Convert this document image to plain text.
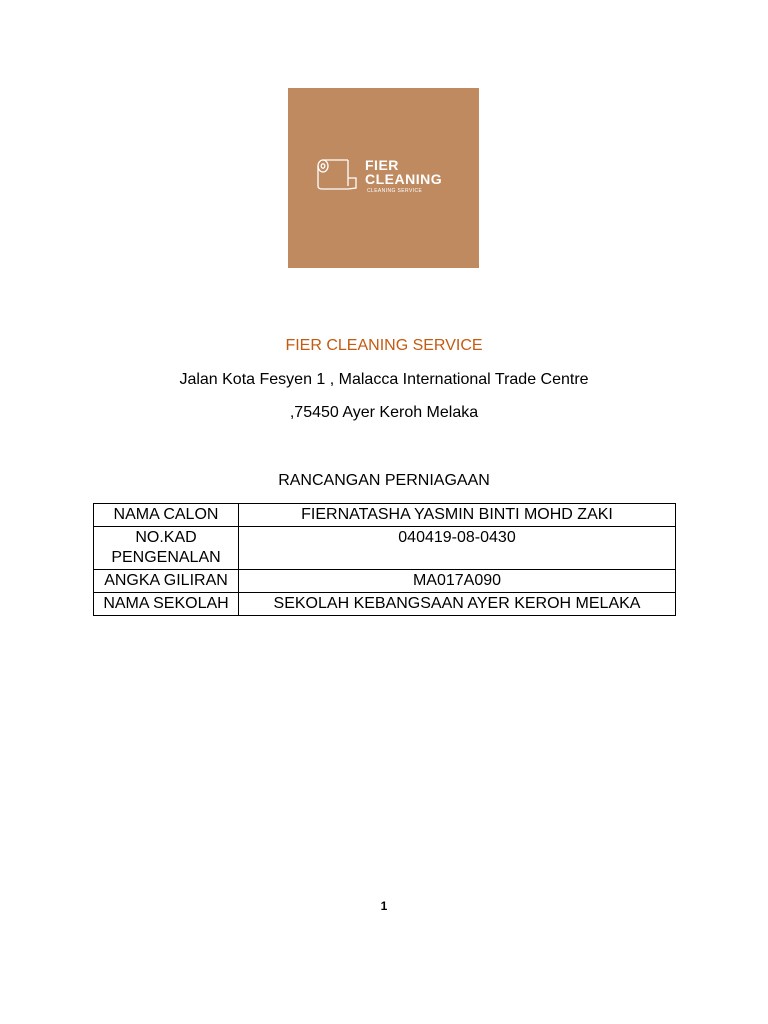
FIER
CLEANING
CLEANING SERVICE
FIER CLEANING SERVICE
Jalan Kota Fesyen 1 , Malacca International Trade Centre
,75450 Ayer Keroh Melaka
RANCANGAN PERNIAGAAN
NAMA CALON	FIERNATASHA YASMIN BINTI MOHD ZAKI
NO.KAD PENGENALAN	040419-08-0430
ANGKA GILIRAN	MA017A090
NAMA SEKOLAH	SEKOLAH KEBANGSAAN AYER KEROH MELAKA
1
